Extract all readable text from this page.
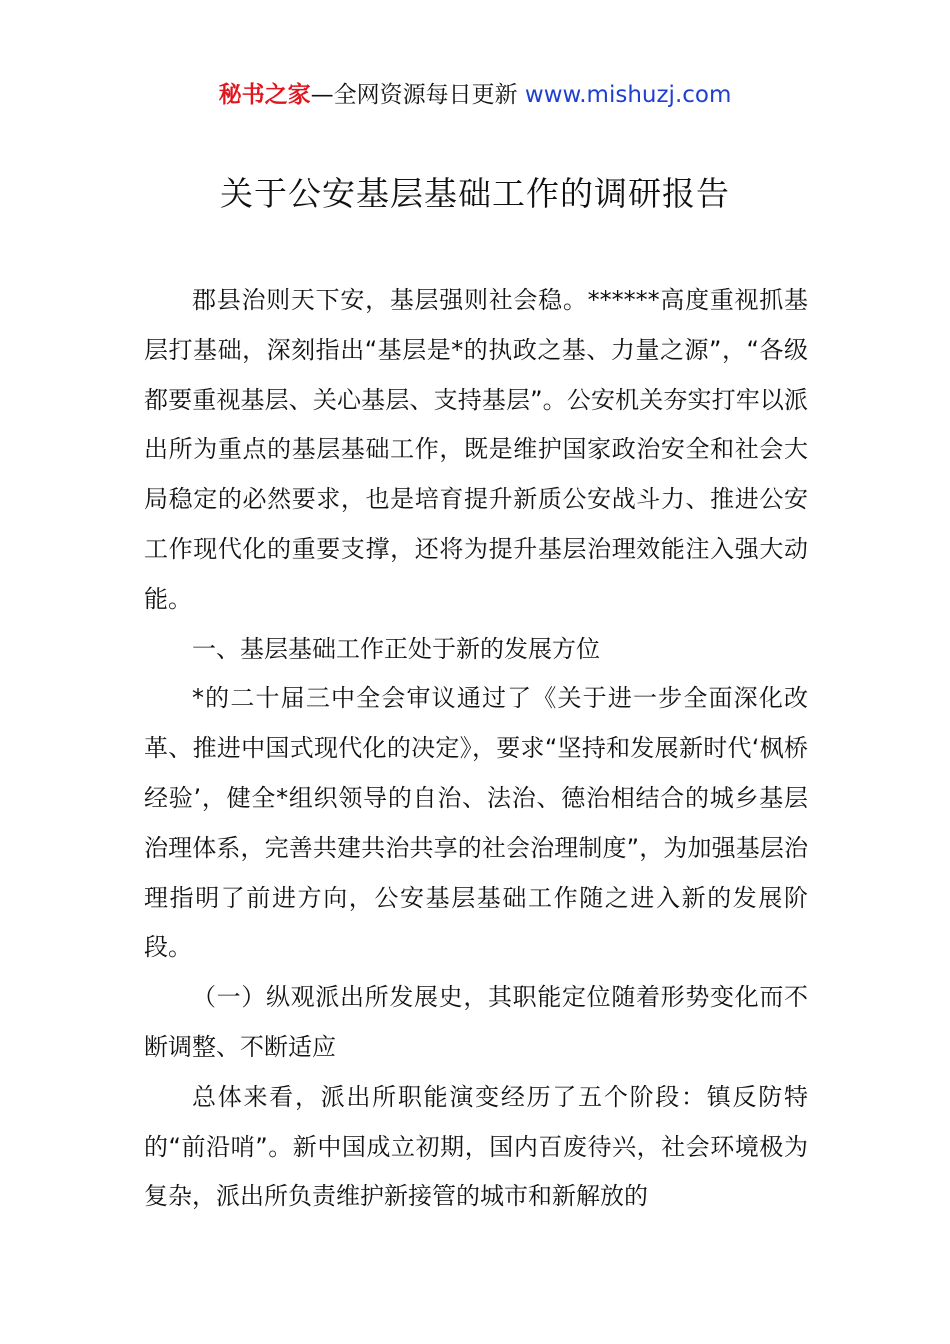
秘书之家—全网资源每日更新 www.mishuzj.com
关于公安基层基础工作的调研报告

郡县治则天下安，基层强则社会稳。******高度重视抓基层打基础，深刻指出“基层是*的执政之基、力量之源”，“各级都要重视基层、关心基层、支持基层”。公安机关夯实打牢以派出所为重点的基层基础工作，既是维护国家政治安全和社会大局稳定的必然要求，也是培育提升新质公安战斗力、推进公安工作现代化的重要支撑，还将为提升基层治理效能注入强大动能。

一、基层基础工作正处于新的发展方位

*的二十届三中全会审议通过了《关于进一步全面深化改革、推进中国式现代化的决定》，要求“坚持和发展新时代‘枫桥经验’，健全*组织领导的自治、法治、德治相结合的城乡基层治理体系，完善共建共治共享的社会治理制度”，为加强基层治理指明了前进方向，公安基层基础工作随之进入新的发展阶段。

（一）纵观派出所发展史，其职能定位随着形势变化而不断调整、不断适应

总体来看，派出所职能演变经历了五个阶段：镇反防特的“前沿哨”。新中国成立初期，国内百废待兴，社会环境极为复杂，派出所负责维护新接管的城市和新解放的
